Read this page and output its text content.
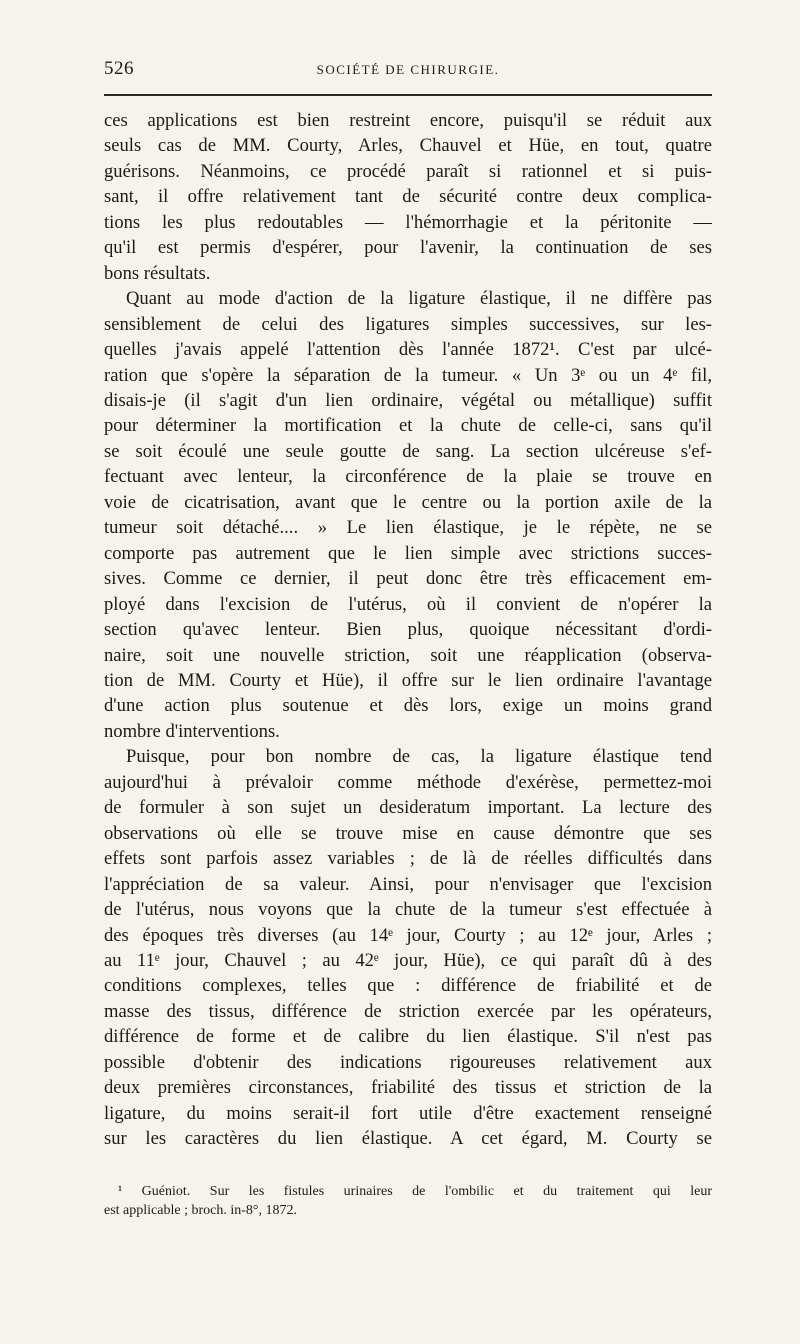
526	SOCIÉTÉ DE CHIRURGIE.

ces applications est bien restreint encore, puisqu'il se réduit aux
seuls cas de MM. Courty, Arles, Chauvel et Hüe, en tout, quatre
guérisons. Néanmoins, ce procédé paraît si rationnel et si puis-
sant, il offre relativement tant de sécurité contre deux complica-
tions les plus redoutables — l'hémorrhagie et la péritonite —
qu'il est permis d'espérer, pour l'avenir, la continuation de ses
bons résultats.

Quant au mode d'action de la ligature élastique, il ne diffère pas
sensiblement de celui des ligatures simples successives, sur les-
quelles j'avais appelé l'attention dès l'année 1872¹. C'est par ulcé-
ration que s'opère la séparation de la tumeur. « Un 3ᵉ ou un 4ᵉ fil,
disais-je (il s'agit d'un lien ordinaire, végétal ou métallique) suffit
pour déterminer la mortification et la chute de celle-ci, sans qu'il
se soit écoulé une seule goutte de sang. La section ulcéreuse s'ef-
fectuant avec lenteur, la circonférence de la plaie se trouve en
voie de cicatrisation, avant que le centre ou la portion axile de la
tumeur soit détaché.... » Le lien élastique, je le répète, ne se
comporte pas autrement que le lien simple avec strictions succes-
sives. Comme ce dernier, il peut donc être très efficacement em-
ployé dans l'excision de l'utérus, où il convient de n'opérer la
section qu'avec lenteur. Bien plus, quoique nécessitant d'ordi-
naire, soit une nouvelle striction, soit une réapplication (observa-
tion de MM. Courty et Hüe), il offre sur le lien ordinaire l'avantage
d'une action plus soutenue et dès lors, exige un moins grand
nombre d'interventions.

Puisque, pour bon nombre de cas, la ligature élastique tend
aujourd'hui à prévaloir comme méthode d'exérèse, permettez-moi
de formuler à son sujet un desideratum important. La lecture des
observations où elle se trouve mise en cause démontre que ses
effets sont parfois assez variables ; de là de réelles difficultés dans
l'appréciation de sa valeur. Ainsi, pour n'envisager que l'excision
de l'utérus, nous voyons que la chute de la tumeur s'est effectuée à
des époques très diverses (au 14ᵉ jour, Courty ; au 12ᵉ jour, Arles ;
au 11ᵉ jour, Chauvel ; au 42ᵉ jour, Hüe), ce qui paraît dû à des
conditions complexes, telles que : différence de friabilité et de
masse des tissus, différence de striction exercée par les opérateurs,
différence de forme et de calibre du lien élastique. S'il n'est pas
possible d'obtenir des indications rigoureuses relativement aux
deux premières circonstances, friabilité des tissus et striction de la
ligature, du moins serait-il fort utile d'être exactement renseigné
sur les caractères du lien élastique. A cet égard, M. Courty se

¹ Guéniot. Sur les fistules urinaires de l'ombilic et du traitement qui leur
est applicable ; broch. in-8°, 1872.
